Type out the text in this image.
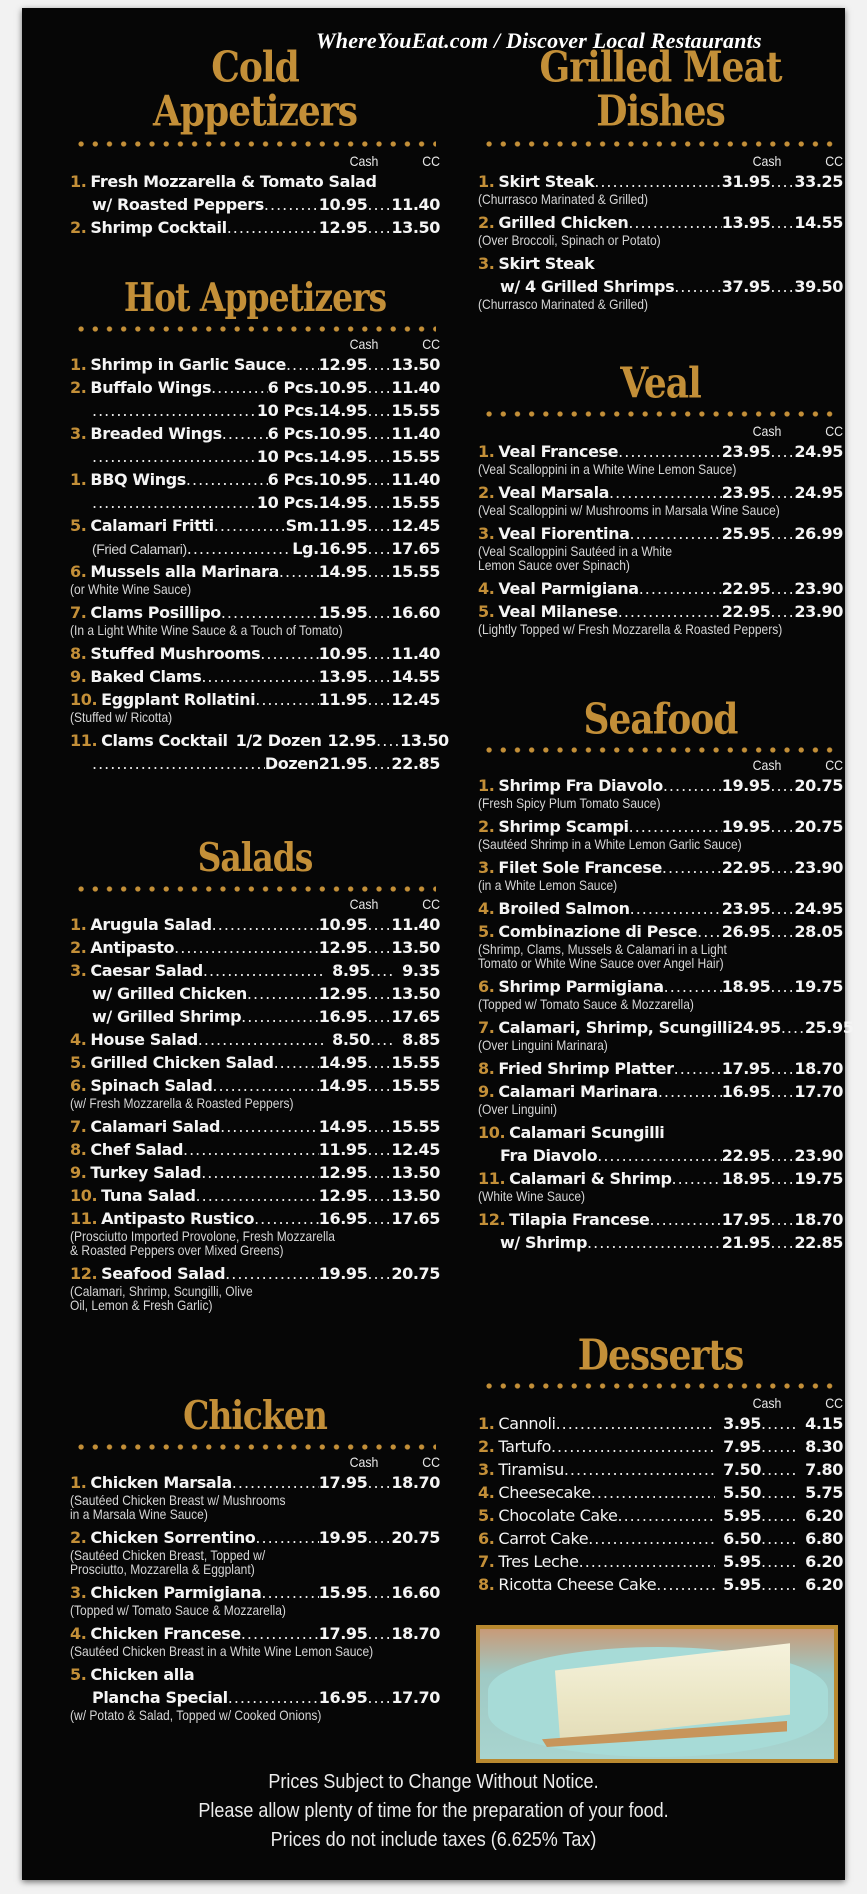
WhereYouEat.com / Discover Local Restaurants
Cold
Appetizers
Cash	CC
1. Fresh Mozzarella & Tomato Salad
w/ Roasted Peppers .....	10.95 ...... 11.40
2. Shrimp Cocktail .....	12.95 ...... 13.50
Hot Appetizers
Cash	CC
1. Shrimp in Garlic Sauce ..... 12.95 ...... 13.50
2. Buffalo Wings .....	6 Pcs. 10.95 ...... 11.40
.....
10 Pcs. 14.95 ...... 15.55
3. Breaded Wings .....	6 Pcs. 10.95 ...... 11.40
.....
10 Pcs. 14.95 ...... 15.55
1. BBQ Wings .....	6 Pcs. 10.95 ...... 11.40
.....
10 Pcs. 14.95 ...... 15.55
5. Calamari Fritti .....	Sm. 11.95 ...... 12.45
(Fried Calamari) .....	Lg. 16.95 ...... 17.65
6. Mussels alla Marinara ..... 14.95 ...... 15.55
(or White Wine Sauce)
7. Clams Posillipo .....	15.95 ...... 16.60
(In a Light White Wine Sauce & a Touch of Tomato)
8. Stuffed Mushrooms .....	10.95 ...... 11.40
9. Baked Clams .....	13.95 ...... 14.55
10. Eggplant Rollatini .....	11.95 ...... 12.45
(Stuffed w/ Ricotta)
11. Clams Cocktail 1/2 Dozen 12.95 ...... 13.50
.....
Dozen 21.95 ...... 22.85
Salads
Cash	CC
1. Arugula Salad .....	10.95 ...... 11.40
2. Antipasto .....	12.95 ...... 13.50
3. Caesar Salad .....	8.95 ......	9.35
w/ Grilled Chicken .....	12.95 ...... 13.50
w/ Grilled Shrimp .....	16.95 ...... 17.65
4. House Salad .....	8.50 ......	8.85
5. Grilled Chicken Salad .....	14.95 ...... 15.55
6. Spinach Salad .....	14.95 ...... 15.55
(w/ Fresh Mozzarella & Roasted Peppers)
7. Calamari Salad .....	14.95 ...... 15.55
8. Chef Salad .....	11.95 ...... 12.45
9. Turkey Salad .....	12.95 ...... 13.50
10. Tuna Salad .....	12.95 ...... 13.50
11. Antipasto Rustico .....	16.95 ...... 17.65
(Prosciutto Imported Provolone, Fresh Mozzarella
& Roasted Peppers over Mixed Greens)
12. Seafood Salad .....	19.95 ...... 20.75
(Calamari, Shrimp, Scungilli, Olive
Oil, Lemon & Fresh Garlic)
Chicken
Cash	CC
1. Chicken Marsala .....	17.95 ...... 18.70
(Sautéed Chicken Breast w/ Mushrooms
in a Marsala Wine Sauce)
2. Chicken Sorrentino .....	19.95 ...... 20.75
(Sautéed Chicken Breast, Topped w/
Prosciutto, Mozzarella & Eggplant)
3. Chicken Parmigiana .....	15.95 ...... 16.60
(Topped w/ Tomato Sauce & Mozzarella)
4. Chicken Francese .....	17.95 ...... 18.70
(Sautéed Chicken Breast in a White Wine Lemon Sauce)
5. Chicken alla
Plancha Special .....	16.95 ...... 17.70
(w/ Potato & Salad, Topped w/ Cooked Onions)
Grilled Meat
Dishes
Cash	CC
1. Skirt Steak .....	31.95 ...... 33.25
(Churrasco Marinated & Grilled)
2. Grilled Chicken .....	13.95 ...... 14.55
(Over Broccoli, Spinach or Potato)
3. Skirt Steak
w/ 4 Grilled Shrimps .....	37.95 ...... 39.50
(Churrasco Marinated & Grilled)
Veal
Cash	CC
1. Veal Francese .....	23.95 ...... 24.95
(Veal Scalloppini in a White Wine Lemon Sauce)
2. Veal Marsala .....	23.95 ...... 24.95
(Veal Scalloppini w/ Mushrooms in Marsala Wine Sauce)
3. Veal Fiorentina .....	25.95 ...... 26.99
(Veal Scalloppini Sautéed in a White
Lemon Sauce over Spinach)
4. Veal Parmigiana .....	22.95 ...... 23.90
5. Veal Milanese .....	22.95 ...... 23.90
(Lightly Topped w/ Fresh Mozzarella & Roasted Peppers)
Seafood
Cash	CC
1. Shrimp Fra Diavolo .....	19.95 ...... 20.75
(Fresh Spicy Plum Tomato Sauce)
2. Shrimp Scampi .....	19.95 ...... 20.75
(Sautéed Shrimp in a White Lemon Garlic Sauce)
3. Filet Sole Francese .....	22.95 ...... 23.90
(in a White Lemon Sauce)
4. Broiled Salmon .....	23.95 ...... 24.95
5. Combinazione di Pesce ..... 26.95 ...... 28.05
(Shrimp, Clams, Mussels & Calamari in a Light
Tomato or White Wine Sauce over Angel Hair)
6. Shrimp Parmigiana .....	18.95 ...... 19.75
(Topped w/ Tomato Sauce & Mozzarella)
7. Calamari, Shrimp, Scungilli 24.95 ...... 25.95
(Over Linguini Marinara)
8. Fried Shrimp Platter .....	17.95 ...... 18.70
9. Calamari Marinara .....	16.95 ...... 17.70
(Over Linguini)
10. Calamari Scungilli
Fra Diavolo .....	22.95 ...... 23.90
11. Calamari & Shrimp .....	18.95 ...... 19.75
(White Wine Sauce)
12. Tilapia Francese .....	17.95 ...... 18.70
w/ Shrimp .....	21.95 ...... 22.85
Desserts
Cash	CC
1. Cannoli .....	3.95 ......	4.15
2. Tartufo .....	7.95 ......	8.30
3. Tiramisu .....	7.50 ......	7.80
4. Cheesecake .....	5.50 ......	5.75
5. Chocolate Cake .....	5.95 ......	6.20
6. Carrot Cake .....	6.50 ......	6.80
7. Tres Leche .....	5.95 ......	6.20
8. Ricotta Cheese Cake .....	5.95 ......	6.20
Prices Subject to Change Without Notice.
Please allow plenty of time for the preparation of your food.
Prices do not include taxes (6.625% Tax)
